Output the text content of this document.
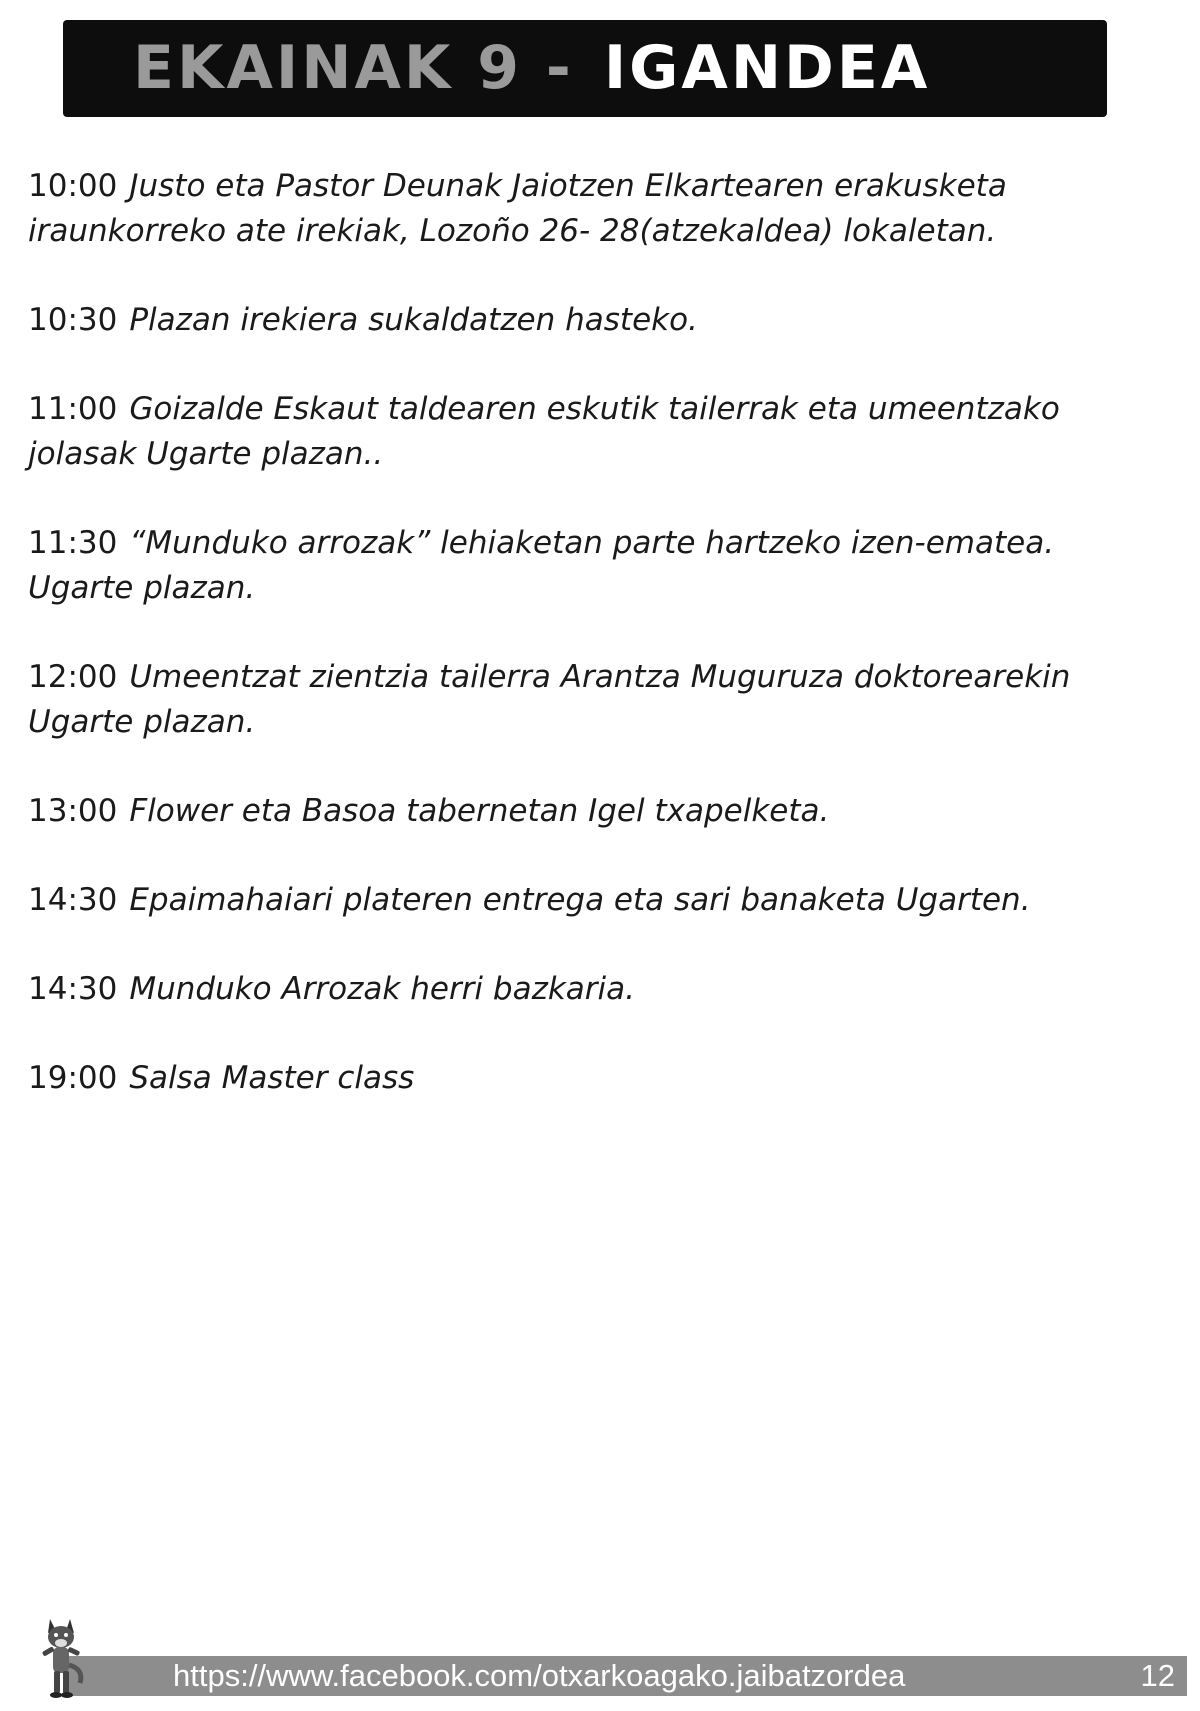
EKAINAK 9 - IGANDEA
10:00 Justo eta Pastor Deunak Jaiotzen Elkartearen erakusketa iraunkorreko ate irekiak, Lozoño 26- 28(atzekaldea) lokaletan.
10:30 Plazan irekiera sukaldatzen hasteko.
11:00 Goizalde Eskaut taldearen eskutik tailerrak eta umeentzako jolasak Ugarte plazan..
11:30 “Munduko arrozak” lehiaketan parte hartzeko izen-ematea. Ugarte plazan.
12:00 Umeentzat zientzia tailerra Arantza Muguruza doktorearekin Ugarte plazan.
13:00 Flower eta Basoa tabernetan Igel txapelketa.
14:30 Epaimahaiari plateren entrega eta sari banaketa Ugarten.
14:30 Munduko Arrozak herri bazkaria.
19:00 Salsa Master class
https://www.facebook.com/otxarkoagako.jaibatzordea	12
